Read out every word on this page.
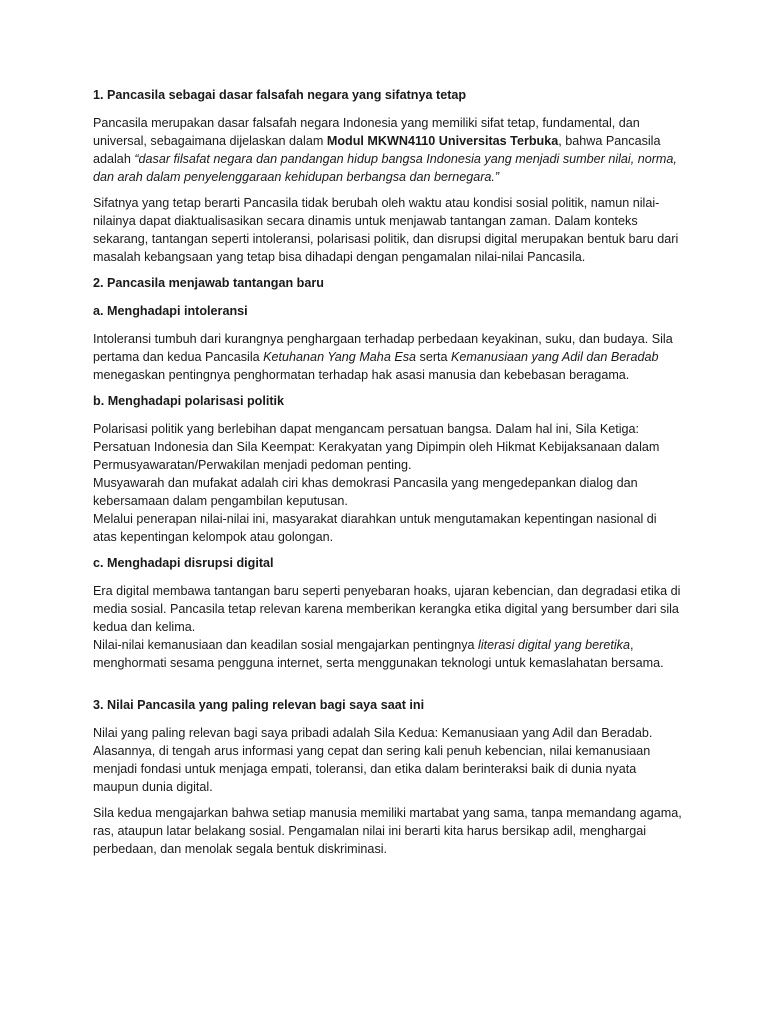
1. Pancasila sebagai dasar falsafah negara yang sifatnya tetap

Pancasila merupakan dasar falsafah negara Indonesia yang memiliki sifat tetap, fundamental, dan universal, sebagaimana dijelaskan dalam Modul MKWN4110 Universitas Terbuka, bahwa Pancasila adalah “dasar filsafat negara dan pandangan hidup bangsa Indonesia yang menjadi sumber nilai, norma, dan arah dalam penyelenggaraan kehidupan berbangsa dan bernegara.”

Sifatnya yang tetap berarti Pancasila tidak berubah oleh waktu atau kondisi sosial politik, namun nilai-nilainya dapat diaktualisasikan secara dinamis untuk menjawab tantangan zaman. Dalam konteks sekarang, tantangan seperti intoleransi, polarisasi politik, dan disrupsi digital merupakan bentuk baru dari masalah kebangsaan yang tetap bisa dihadapi dengan pengamalan nilai-nilai Pancasila.

2. Pancasila menjawab tantangan baru
a. Menghadapi intoleransi

Intoleransi tumbuh dari kurangnya penghargaan terhadap perbedaan keyakinan, suku, dan budaya. Sila pertama dan kedua Pancasila Ketuhanan Yang Maha Esa serta Kemanusiaan yang Adil dan Beradab menegaskan pentingnya penghormatan terhadap hak asasi manusia dan kebebasan beragama.

b. Menghadapi polarisasi politik

Polarisasi politik yang berlebihan dapat mengancam persatuan bangsa. Dalam hal ini, Sila Ketiga: Persatuan Indonesia dan Sila Keempat: Kerakyatan yang Dipimpin oleh Hikmat Kebijaksanaan dalam Permusyawaratan/Perwakilan menjadi pedoman penting.
Musyawarah dan mufakat adalah ciri khas demokrasi Pancasila yang mengedepankan dialog dan kebersamaan dalam pengambilan keputusan.
Melalui penerapan nilai-nilai ini, masyarakat diarahkan untuk mengutamakan kepentingan nasional di atas kepentingan kelompok atau golongan.

c. Menghadapi disrupsi digital

Era digital membawa tantangan baru seperti penyebaran hoaks, ujaran kebencian, dan degradasi etika di media sosial. Pancasila tetap relevan karena memberikan kerangka etika digital yang bersumber dari sila kedua dan kelima.
Nilai-nilai kemanusiaan dan keadilan sosial mengajarkan pentingnya literasi digital yang beretika, menghormati sesama pengguna internet, serta menggunakan teknologi untuk kemaslahatan bersama.

3. Nilai Pancasila yang paling relevan bagi saya saat ini

Nilai yang paling relevan bagi saya pribadi adalah Sila Kedua: Kemanusiaan yang Adil dan Beradab. Alasannya, di tengah arus informasi yang cepat dan sering kali penuh kebencian, nilai kemanusiaan menjadi fondasi untuk menjaga empati, toleransi, dan etika dalam berinteraksi baik di dunia nyata maupun dunia digital.

Sila kedua mengajarkan bahwa setiap manusia memiliki martabat yang sama, tanpa memandang agama, ras, ataupun latar belakang sosial. Pengamalan nilai ini berarti kita harus bersikap adil, menghargai perbedaan, dan menolak segala bentuk diskriminasi.
